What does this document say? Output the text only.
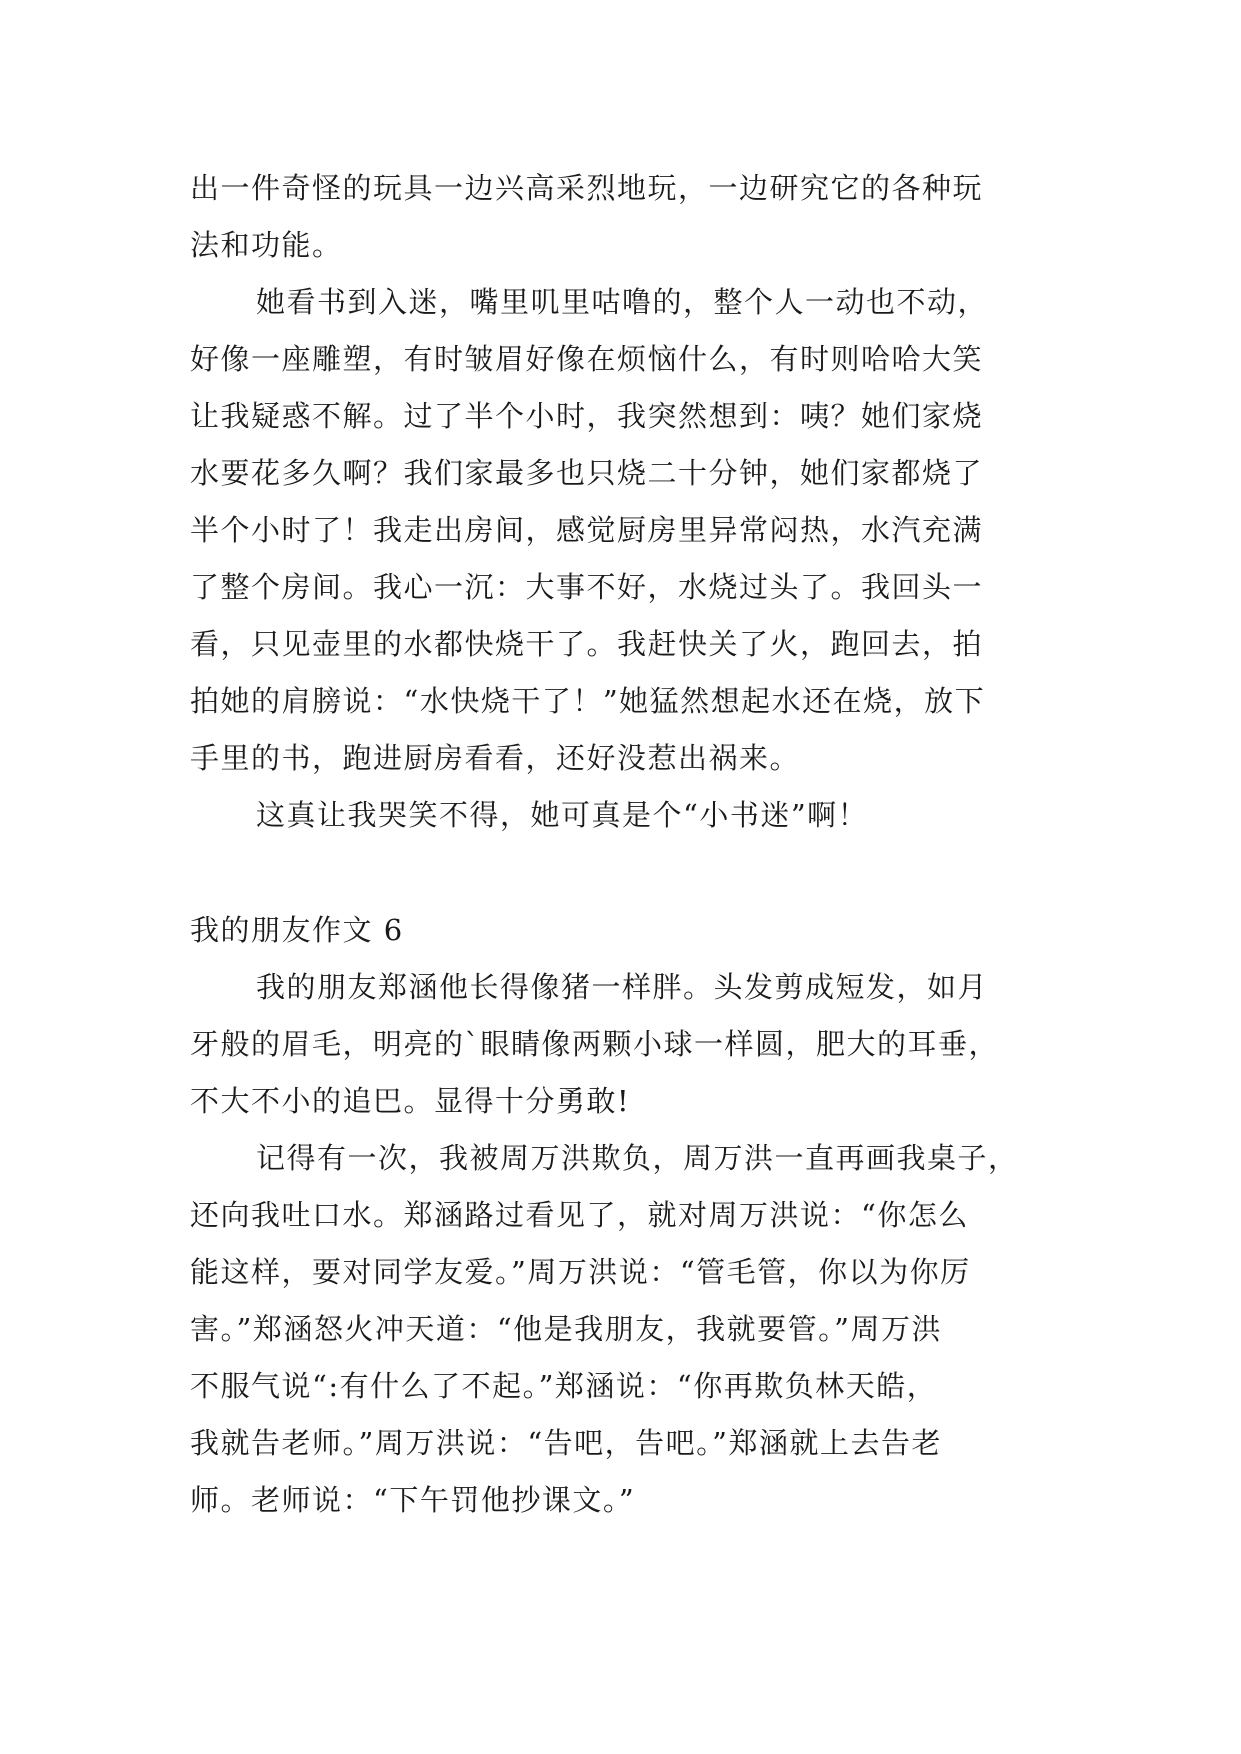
出一件奇怪的玩具一边兴高采烈地玩，一边研究它的各种玩
法和功能。
她看书到入迷，嘴里叽里咕噜的，整个人一动也不动，
好像一座雕塑，有时皱眉好像在烦恼什么，有时则哈哈大笑
让我疑惑不解。过了半个小时，我突然想到：咦？她们家烧
水要花多久啊？我们家最多也只烧二十分钟，她们家都烧了
半个小时了！我走出房间，感觉厨房里异常闷热，水汽充满
了整个房间。我心一沉：大事不好，水烧过头了。我回头一
看，只见壶里的水都快烧干了。我赶快关了火，跑回去，拍
拍她的肩膀说：“水快烧干了！”她猛然想起水还在烧，放下
手里的书，跑进厨房看看，还好没惹出祸来。
这真让我哭笑不得，她可真是个“小书迷”啊！
我的朋友作文 6
我的朋友郑涵他长得像猪一样胖。头发剪成短发，如月
牙般的眉毛，明亮的`眼睛像两颗小球一样圆，肥大的耳垂，
不大不小的追巴。显得十分勇敢!
记得有一次，我被周万洪欺负，周万洪一直再画我桌子，
还向我吐口水。郑涵路过看见了，就对周万洪说：“你怎么
能这样，要对同学友爱。”周万洪说：“管毛管，你以为你厉
害。”郑涵怒火冲天道：“他是我朋友，我就要管。”周万洪
不服气说“:有什么了不起。”郑涵说：“你再欺负林天皓，
我就告老师。”周万洪说：“告吧，告吧。”郑涵就上去告老
师。老师说：“下午罚他抄课文。”
